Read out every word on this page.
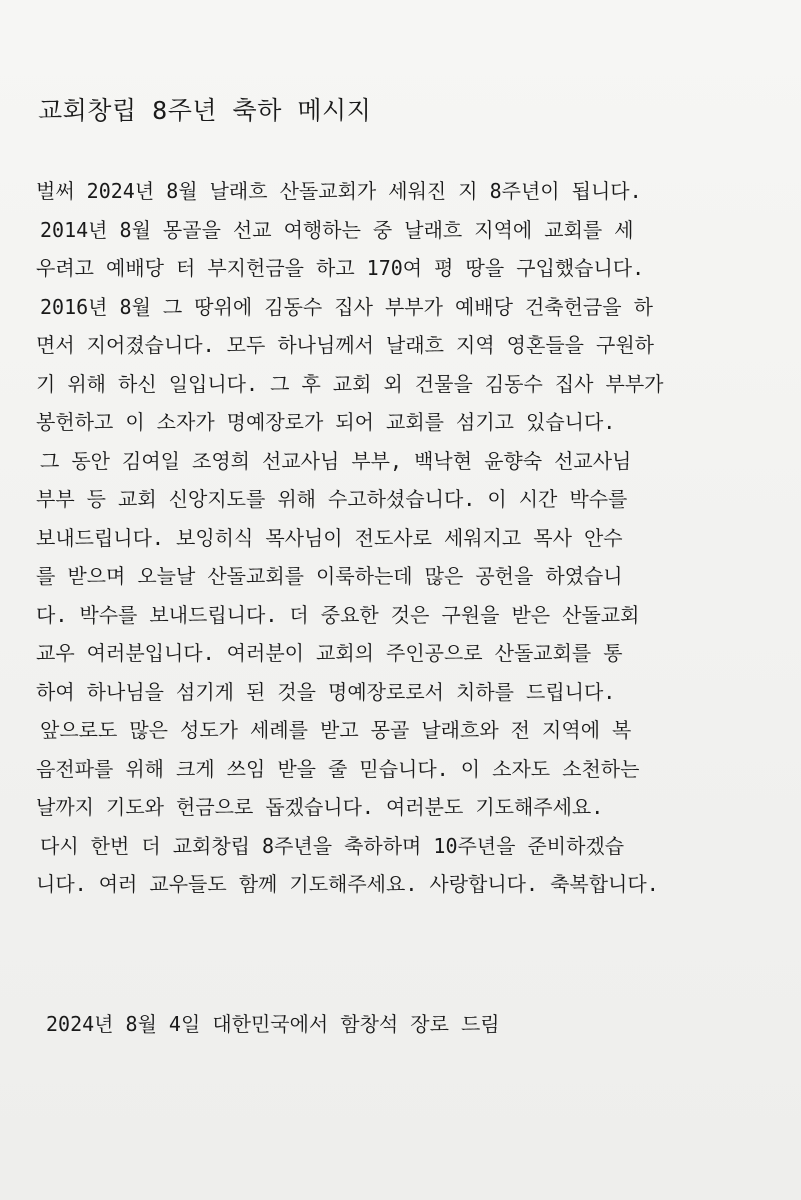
교회창립 8주년 축하 메시지
벌써 2024년 8월 날래흐 산돌교회가 세워진 지 8주년이 됩니다.
2014년 8월 몽골을 선교 여행하는 중 날래흐 지역에 교회를 세
우려고 예배당 터 부지헌금을 하고 170여 평 땅을 구입했습니다.
2016년 8월 그 땅위에 김동수 집사 부부가 예배당 건축헌금을 하
면서 지어졌습니다. 모두 하나님께서 날래흐 지역 영혼들을 구원하
기 위해 하신 일입니다. 그 후 교회 외 건물을 김동수 집사 부부가
봉헌하고 이 소자가 명예장로가 되어 교회를 섬기고 있습니다.
그 동안 김여일 조영희 선교사님 부부, 백낙현 윤향숙 선교사님
부부 등 교회 신앙지도를 위해 수고하셨습니다. 이 시간 박수를
보내드립니다. 보잉히식 목사님이 전도사로 세워지고 목사 안수
를 받으며 오늘날 산돌교회를 이룩하는데 많은 공헌을 하였습니
다. 박수를 보내드립니다. 더 중요한 것은 구원을 받은 산돌교회
교우 여러분입니다. 여러분이 교회의 주인공으로 산돌교회를 통
하여 하나님을 섬기게 된 것을 명예장로로서 치하를 드립니다.
앞으로도 많은 성도가 세례를 받고 몽골 날래흐와 전 지역에 복
음전파를 위해 크게 쓰임 받을 줄 믿습니다. 이 소자도 소천하는
날까지 기도와 헌금으로 돕겠습니다. 여러분도 기도해주세요.
다시 한번 더 교회창립 8주년을 축하하며 10주년을 준비하겠습
니다. 여러 교우들도 함께 기도해주세요. 사랑합니다. 축복합니다.
2024년 8월 4일 대한민국에서 함창석 장로 드림
